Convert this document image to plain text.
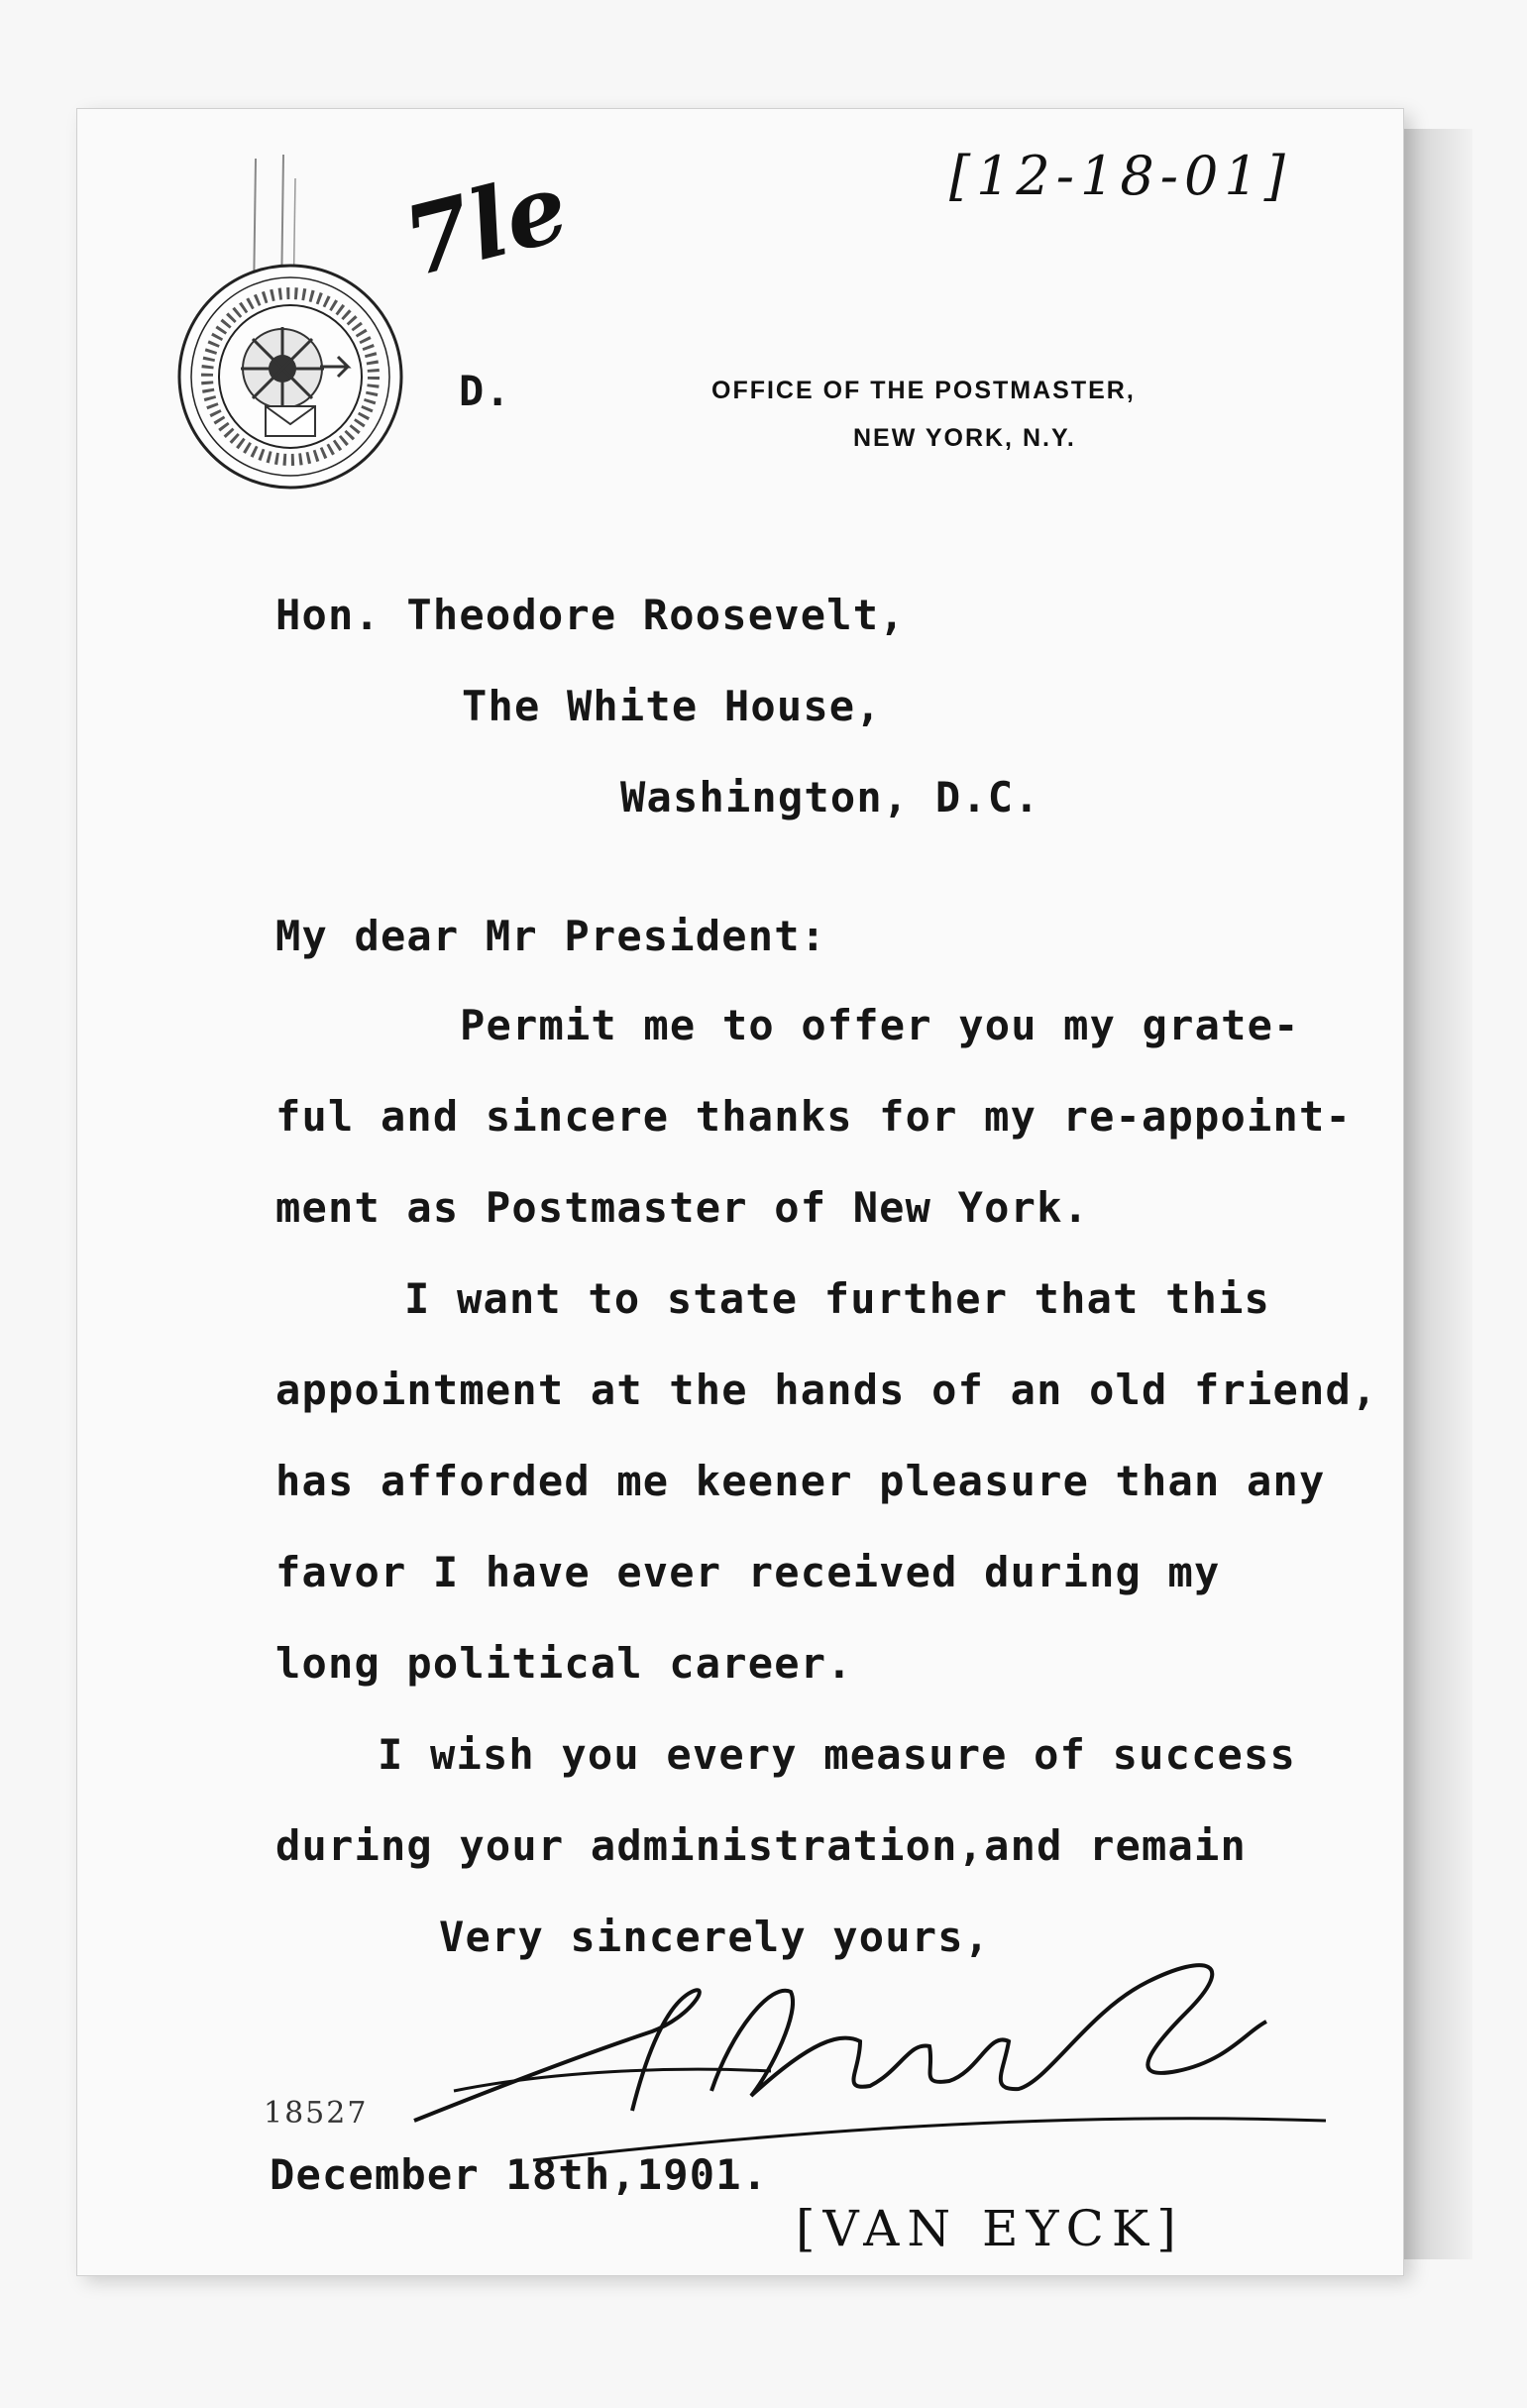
[12-18-01]
7le
D.	OFFICE OF THE POSTMASTER,
NEW YORK, N.Y.
Hon. Theodore Roosevelt,
The White House,
Washington, D.C.
My dear Mr President:
Permit me to offer you my grate-
ful and sincere thanks for my re-appoint-
ment as Postmaster of New York.
I want to state further that this
appointment at the hands of an old friend,
has afforded me keener pleasure than any
favor I have ever received during my
long political career.
I wish you every measure of success
during your administration,and remain
Very sincerely yours,
18527
December 18th,1901.
[VAN EYCK]
